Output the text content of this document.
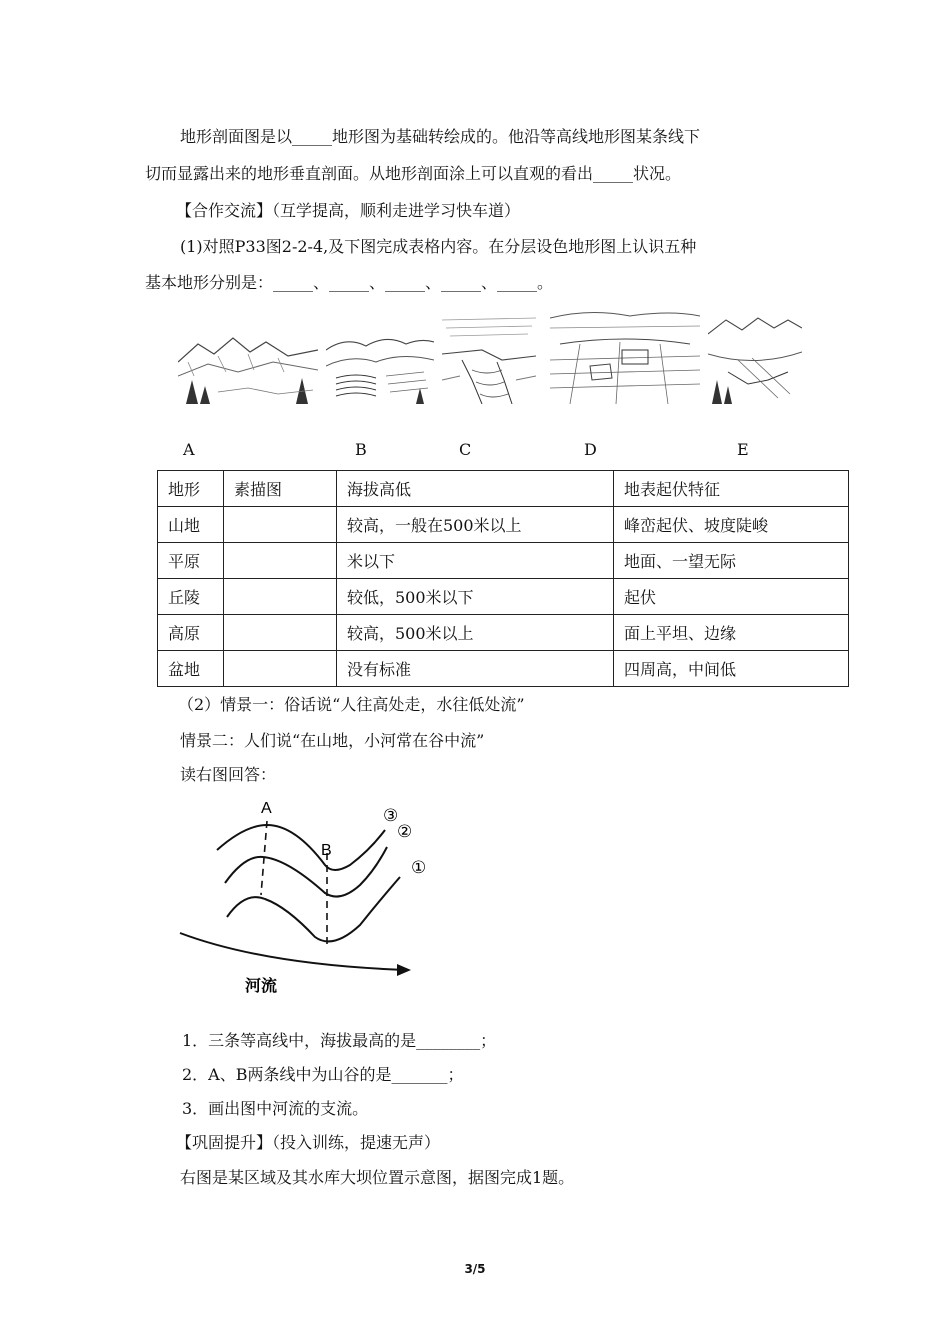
地形剖面图是以_____地形图为基础转绘成的。他沿等高线地形图某条线下
切而显露出来的地形垂直剖面。从地形剖面涂上可以直观的看出_____状况。
【合作交流】（互学提高，顺利走进学习快车道）
(1)对照P33图2-2-4,及下图完成表格内容。在分层设色地形图上认识五种
基本地形分别是：_____、_____、_____、_____、_____。
A	B	C	D	E
地形	素描图	海拔高低	地表起伏特征
山地		较高，一般在500米以上	峰峦起伏、坡度陡峻
平原		米以下	地面、一望无际
丘陵		较低，500米以下	起伏
高原		较高，500米以上	面上平坦、边缘
盆地		没有标准	四周高，中间低
（2）情景一：俗话说“人往高处走，水往低处流”
情景二：人们说“在山地，小河常在谷中流”
读右图回答：
A
B
③
②
①
河流
1．三条等高线中，海拔最高的是________；
2．A、B两条线中为山谷的是_______；
3．画出图中河流的支流。
【巩固提升】（投入训练，提速无声）
右图是某区域及其水库大坝位置示意图，据图完成1题。
3/5
